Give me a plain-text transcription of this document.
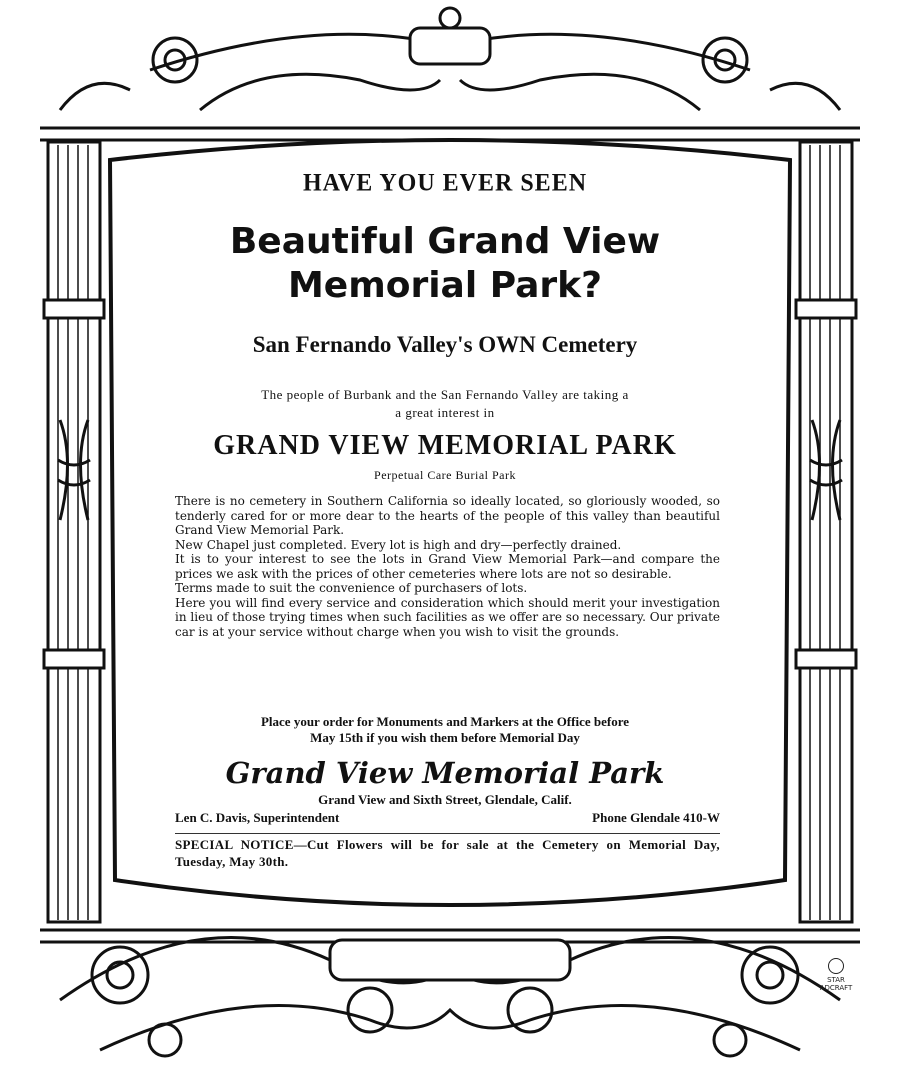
HAVE YOU EVER SEEN
Beautiful Grand View
Memorial Park?
San Fernando Valley's OWN Cemetery
The people of Burbank and the San Fernando Valley are taking a
a great interest in
GRAND VIEW MEMORIAL PARK
Perpetual Care Burial Park

There is no cemetery in Southern California so ideally located, so gloriously wooded, so tenderly cared for or more dear to the hearts of the people of this valley than beautiful Grand View Memorial Park.

New Chapel just completed. Every lot is high and dry—perfectly drained.

It is to your interest to see the lots in Grand View Memorial Park—and compare the prices we ask with the prices of other cemeteries where lots are not so desirable.

Terms made to suit the convenience of purchasers of lots.

Here you will find every service and consideration which should merit your investigation in lieu of those trying times when such facilities as we offer are so necessary. Our private car is at your service without charge when you wish to visit the grounds.

Place your order for Monuments and Markers at the Office before
May 15th if you wish them before Memorial Day
Grand View Memorial Park
Grand View and Sixth Street, Glendale, Calif.
Len C. Davis, Superintendent	Phone Glendale 410-W
SPECIAL NOTICE—Cut Flowers will be for sale at the Cemetery on Memorial Day, Tuesday, May 30th.
STAR
ADCRAFT
